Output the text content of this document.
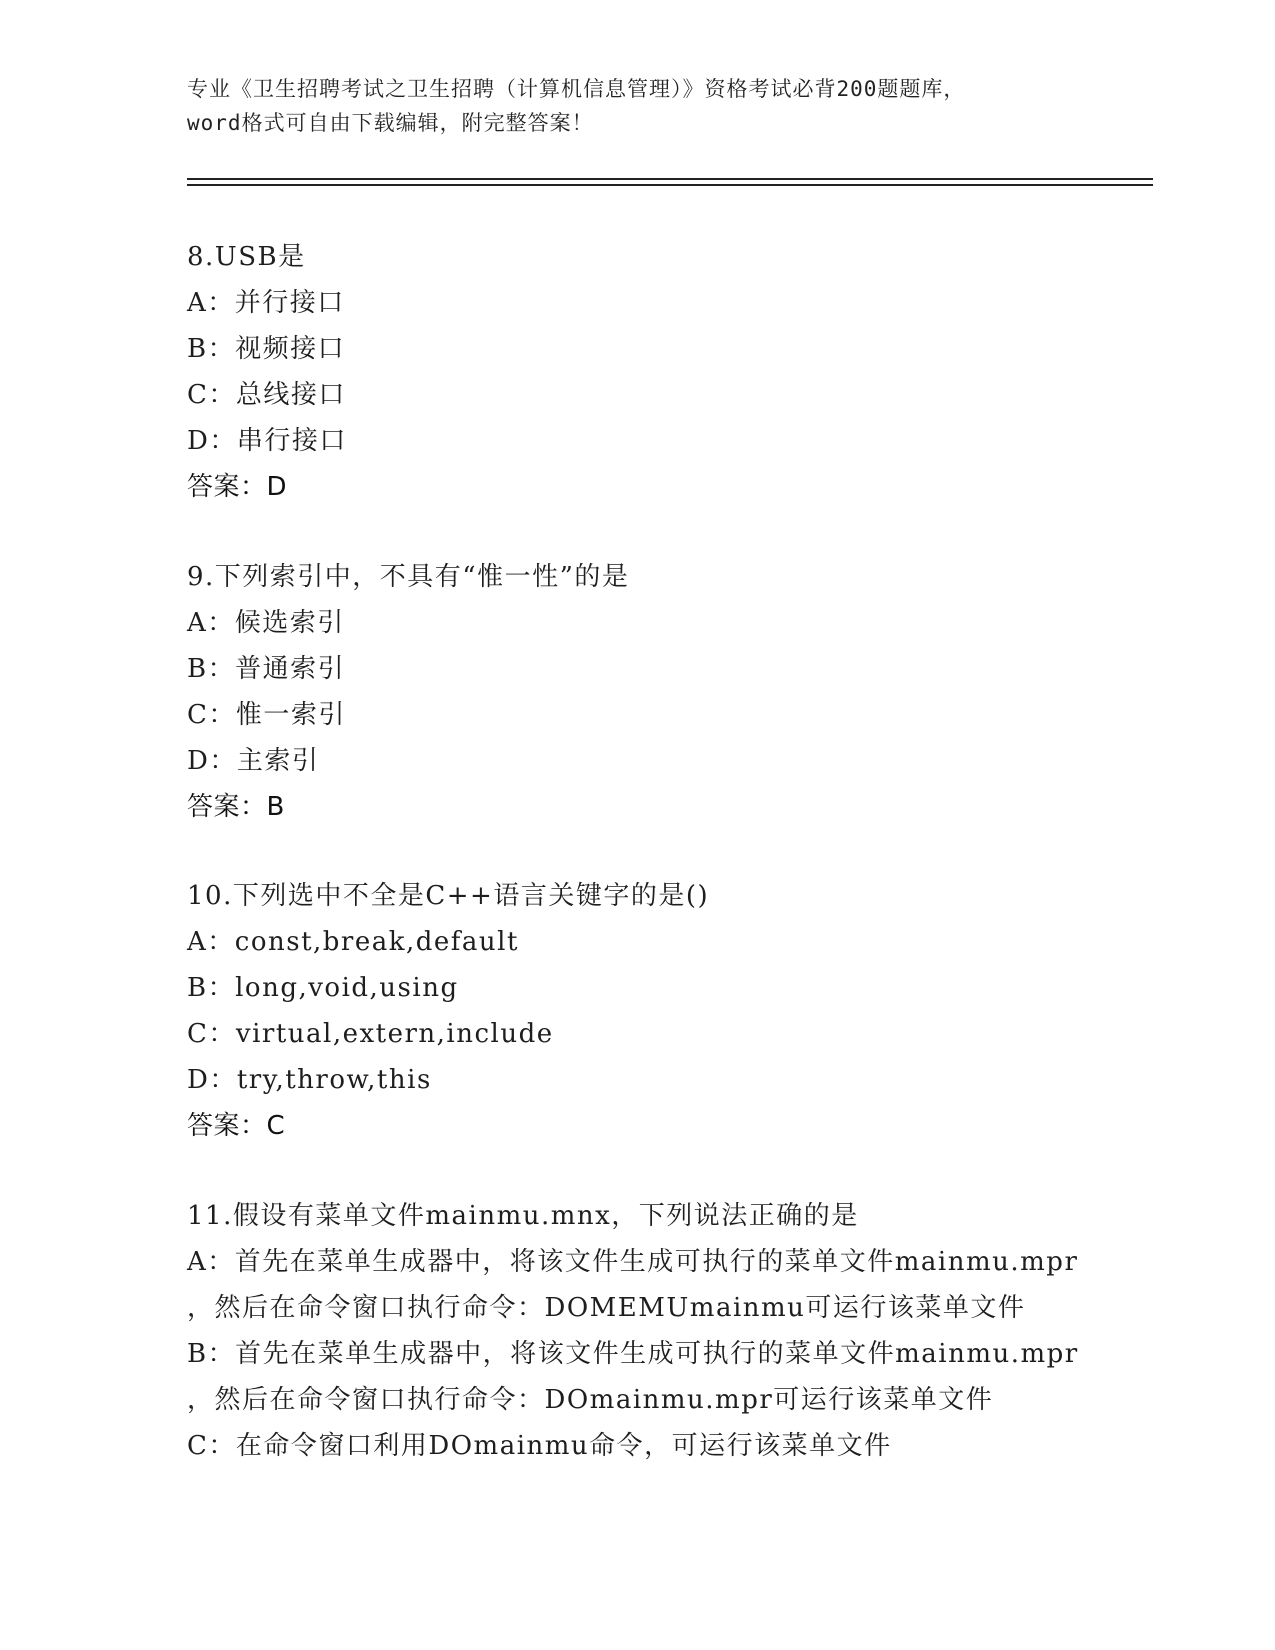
专业《卫生招聘考试之卫生招聘（计算机信息管理）》资格考试必背200题题库，
word格式可自由下载编辑，附完整答案！
8.USB是
A：并行接口
B：视频接口
C：总线接口
D：串行接口
答案：D
9.下列索引中，不具有“惟一性”的是
A：候选索引
B：普通索引
C：惟一索引
D：主索引
答案：B
10.下列选中不全是C++语言关键字的是()
A：const,break,default
B：long,void,using
C：virtual,extern,include
D：try,throw,this
答案：C
11.假设有菜单文件mainmu.mnx，下列说法正确的是
A：首先在菜单生成器中，将该文件生成可执行的菜单文件mainmu.mpr
，然后在命令窗口执行命令：DOMEMUmainmu可运行该菜单文件
B：首先在菜单生成器中，将该文件生成可执行的菜单文件mainmu.mpr
，然后在命令窗口执行命令：DOmainmu.mpr可运行该菜单文件
C：在命令窗口利用DOmainmu命令，可运行该菜单文件
